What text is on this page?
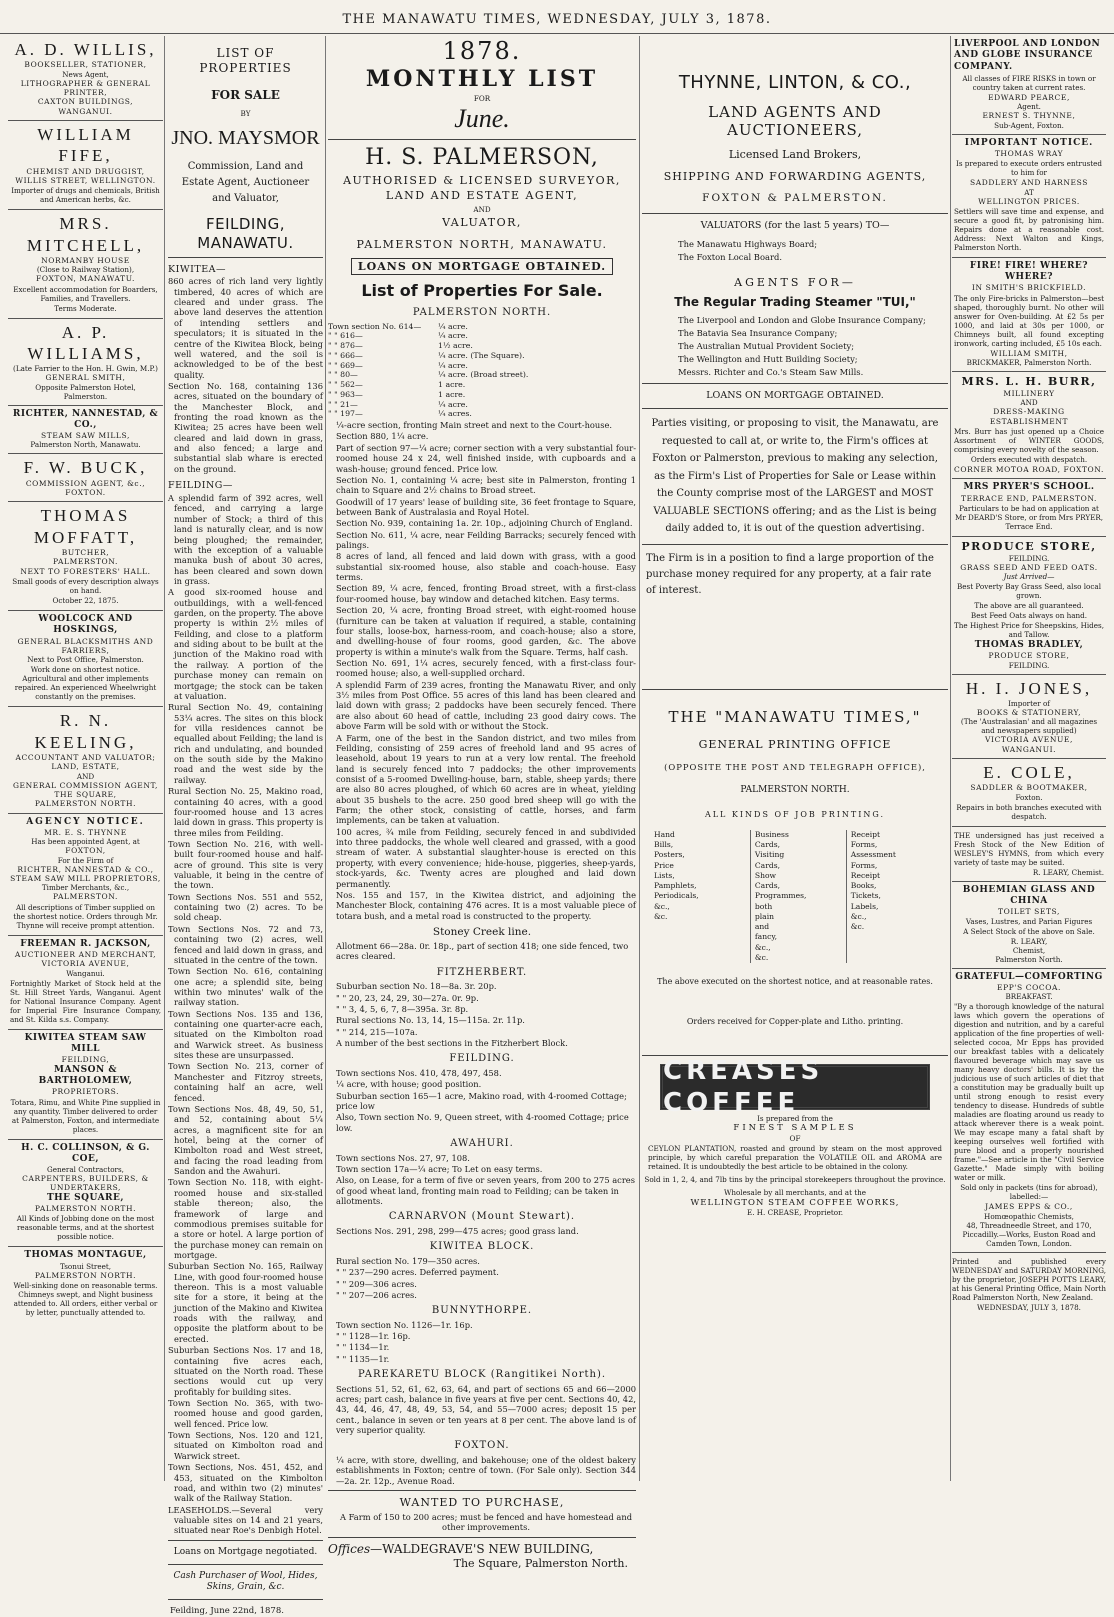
THE MANAWATU TIMES, WEDNESDAY, JULY 3, 1878.
A. D. WILLIS,
BOOKSELLER, STATIONER,
News Agent,
LITHOGRAPHER & GENERAL PRINTER,
CAXTON BUILDINGS,
WANGANUI.
WILLIAM FIFE,
CHEMIST AND DRUGGIST,
WILLIS STREET, WELLINGTON.

Importer of drugs and chemicals, British and American herbs, &c.

MRS. MITCHELL,
NORMANBY HOUSE
(Close to Railway Station),
FOXTON, MANAWATU.

Excellent accommodation for Boarders, Families, and Travellers.

Terms Moderate.

A. P. WILLIAMS,
(Late Farrier to the Hon. H. Gwin, M.P.)
GENERAL SMITH,
Opposite Palmerston Hotel,
Palmerston.
RICHTER, NANNESTAD, & CO.,
STEAM SAW MILLS,
Palmerston North, Manawatu.
F. W. BUCK,
COMMISSION AGENT, &c.,
FOXTON.
THOMAS MOFFATT,
BUTCHER,
PALMERSTON.
NEXT TO FORESTERS' HALL.

Small goods of every description always on hand.

October 22, 1875.

WOOLCOCK AND HOSKINGS,
GENERAL BLACKSMITHS AND FARRIERS,
Next to Post Office, Palmerston.

Work done on shortest notice. Agricultural and other implements repaired. An experienced Wheelwright constantly on the premises.

R. N. KEELING,
ACCOUNTANT AND VALUATOR;
LAND, ESTATE,
AND
GENERAL COMMISSION AGENT,
THE SQUARE,
PALMERSTON NORTH.
AGENCY NOTICE.
MR. E. S. THYNNE
Has been appointed Agent, at
FOXTON,
For the Firm of
RICHTER, NANNESTAD & CO.,
STEAM SAW MILL PROPRIETORS,
Timber Merchants, &c.,
PALMERSTON.

All descriptions of Timber supplied on the shortest notice. Orders through Mr. Thynne will receive prompt attention.

FREEMAN R. JACKSON,
AUCTIONEER AND MERCHANT,
VICTORIA AVENUE,
Wanganui.

Fortnightly Market of Stock held at the St. Hill Street Yards, Wanganui. Agent for National Insurance Company. Agent for Imperial Fire Insurance Company, and St. Kilda s.s. Company.

KIWITEA STEAM SAW MILL
FEILDING,
MANSON & BARTHOLOMEW,
PROPRIETORS.

Totara, Rimu, and White Pine supplied in any quantity. Timber delivered to order at Palmerston, Foxton, and intermediate places.

H. C. COLLINSON, & G. COE,
General Contractors,
CARPENTERS, BUILDERS, & UNDERTAKERS,
THE SQUARE,
PALMERSTON NORTH.

All Kinds of Jobbing done on the most reasonable terms, and at the shortest possible notice.

THOMAS MONTAGUE,
Tsonui Street,
PALMERSTON NORTH.

Well-sinking done on reasonable terms. Chimneys swept, and Night business attended to. All orders, either verbal or by letter, punctually attended to.

LIST OF PROPERTIES
FOR SALE
BY
JNO. MAYSMOR
Commission, Land and Estate Agent, Auctioneer and Valuator,
FEILDING, MANAWATU.
KIWITEA—

860 acres of rich land very lightly timbered, 40 acres of which are cleared and under grass. The above land deserves the attention of intending settlers and speculators; it is situated in the centre of the Kiwitea Block, being well watered, and the soil is acknowledged to be of the best quality.

Section No. 168, containing 136 acres, situated on the boundary of the Manchester Block, and fronting the road known as the Kiwitea; 25 acres have been well cleared and laid down in grass, and also fenced; a large and substantial slab whare is erected on the ground.

FEILDING—

A splendid farm of 392 acres, well fenced, and carrying a large number of Stock; a third of this land is naturally clear, and is now being ploughed; the remainder, with the exception of a valuable manuka bush of about 30 acres, has been cleared and sown down in grass.

A good six-roomed house and outbuildings, with a well-fenced garden, on the property. The above property is within 2½ miles of Feilding, and close to a platform and siding about to be built at the junction of the Makino road with the railway. A portion of the purchase money can remain on mortgage; the stock can be taken at valuation.

Rural Section No. 49, containing 53¼ acres. The sites on this block for villa residences cannot be equalled about Feilding; the land is rich and undulating, and bounded on the south side by the Makino road and the west side by the railway.

Rural Section No. 25, Makino road, containing 40 acres, with a good four-roomed house and 13 acres laid down in grass. This property is three miles from Feilding.

Town Section No. 216, with well-built four-roomed house and half-acre of ground. This site is very valuable, it being in the centre of the town.

Town Sections Nos. 551 and 552, containing two (2) acres. To be sold cheap.

Town Sections Nos. 72 and 73, containing two (2) acres, well fenced and laid down in grass, and situated in the centre of the town.

Town Section No. 616, containing one acre; a splendid site, being within two minutes' walk of the railway station.

Town Sections Nos. 135 and 136, containing one quarter-acre each, situated on the Kimbolton road and Warwick street. As business sites these are unsurpassed.

Town Section No. 213, corner of Manchester and Fitzroy streets, containing half an acre, well fenced.

Town Sections Nos. 48, 49, 50, 51, and 52, containing about 5¼ acres, a magnificent site for an hotel, being at the corner of Kimbolton road and West street, and facing the road leading from Sandon and the Awahuri.

Town Section No. 118, with eight-roomed house and six-stalled stable thereon; also, the framework of large and commodious premises suitable for a store or hotel. A large portion of the purchase money can remain on mortgage.

Suburban Section No. 165, Railway Line, with good four-roomed house thereon. This is a most valuable site for a store, it being at the junction of the Makino and Kiwitea roads with the railway, and opposite the platform about to be erected.

Suburban Sections Nos. 17 and 18, containing five acres each, situated on the North road. These sections would cut up very profitably for building sites.

Town Section No. 365, with two-roomed house and good garden, well fenced. Price low.

Town Sections, Nos. 120 and 121, situated on Kimbolton road and Warwick street.

Town Sections, Nos. 451, 452, and 453, situated on the Kimbolton road, and within two (2) minutes' walk of the Railway Station.

LEASEHOLDS.—Several very valuable sites on 14 and 21 years, situated near Roe's Denbigh Hotel.

Loans on Mortgage negotiated.

Cash Purchaser of Wool, Hides, Skins, Grain, &c.

Feilding, June 22nd, 1878.

1878.
MONTHLY LIST
FOR
June.
H. S. PALMERSON,
AUTHORISED & LICENSED SURVEYOR,
LAND AND ESTATE AGENT,
AND
VALUATOR,
PALMERSTON NORTH, MANAWATU.
LOANS ON MORTGAGE OBTAINED.
List of Properties For Sale.
PALMERSTON NORTH.
Town section No. 614—	¼ acre.
" " 616—	¼ acre.
" " 876—	1½ acre.
" " 666—	¼ acre. (The Square).
" " 669—	¼ acre.
" " 80—	¼ acre. (Broad street).
" " 562—	1 acre.
" " 963—	1 acre.
" " 21—	¼ acre.
" " 197—	¼ acres.

¼-acre section, fronting Main street and next to the Court-house.

Section 880, 1¼ acre.

Part of section 97—¼ acre; corner section with a very substantial four-roomed house 24 x 24, well finished inside, with cupboards and a wash-house; ground fenced. Price low.

Section No. 1, containing ¼ acre; best site in Palmerston, fronting 1 chain to Square and 2½ chains to Broad street.

Goodwill of 17 years' lease of building site, 36 feet frontage to Square, between Bank of Australasia and Royal Hotel.

Section No. 939, containing 1a. 2r. 10p., adjoining Church of England.

Section No. 611, ¼ acre, near Feilding Barracks; securely fenced with palings.

8 acres of land, all fenced and laid down with grass, with a good substantial six-roomed house, also stable and coach-house. Easy terms.

Section 89, ¼ acre, fenced, fronting Broad street, with a first-class four-roomed house, bay window and detached kitchen. Easy terms.

Section 20, ¼ acre, fronting Broad street, with eight-roomed house (furniture can be taken at valuation if required, a stable, containing four stalls, loose-box, harness-room, and coach-house; also a store, and dwelling-house of four rooms, good garden, &c. The above property is within a minute's walk from the Square. Terms, half cash.

Section No. 691, 1¼ acres, securely fenced, with a first-class four-roomed house; also, a well-supplied orchard.

A splendid Farm of 239 acres, fronting the Manawatu River, and only 3½ miles from Post Office. 55 acres of this land has been cleared and laid down with grass; 2 paddocks have been securely fenced. There are also about 60 head of cattle, including 23 good dairy cows. The above Farm will be sold with or without the Stock.

A Farm, one of the best in the Sandon district, and two miles from Feilding, consisting of 259 acres of freehold land and 95 acres of leasehold, about 19 years to run at a very low rental. The freehold land is securely fenced into 7 paddocks; the other improvements consist of a 5-roomed Dwelling-house, barn, stable, sheep yards; there are also 80 acres ploughed, of which 60 acres are in wheat, yielding about 35 bushels to the acre. 250 good bred sheep will go with the Farm; the other stock, consisting of cattle, horses, and farm implements, can be taken at valuation.

100 acres, ¾ mile from Feilding, securely fenced in and subdivided into three paddocks, the whole well cleared and grassed, with a good stream of water. A substantial slaughter-house is erected on this property, with every convenience; hide-house, piggeries, sheep-yards, stock-yards, &c. Twenty acres are ploughed and laid down permanently.

Nos. 155 and 157, in the Kiwitea district, and adjoining the Manchester Block, containing 476 acres. It is a most valuable piece of totara bush, and a metal road is constructed to the property.

Stoney Creek line.

Allotment 66—28a. 0r. 18p., part of section 418; one side fenced, two acres cleared.

FITZHERBERT.

Suburban section No. 18—8a. 3r. 20p.

" " 20, 23, 24, 29, 30—27a. 0r. 9p.

" " 3, 4, 5, 6, 7, 8—395a. 3r. 8p.

Rural sections No. 13, 14, 15—115a. 2r. 11p.

" " 214, 215—107a.

A number of the best sections in the Fitzherbert Block.

FEILDING.

Town sections Nos. 410, 478, 497, 458.

¼ acre, with house; good position.

Suburban section 165—1 acre, Makino road, with 4-roomed Cottage; price low

Also, Town section No. 9, Queen street, with 4-roomed Cottage; price low.

AWAHURI.

Town sections Nos. 27, 97, 108.

Town section 17a—¼ acre; To Let on easy terms.

Also, on Lease, for a term of five or seven years, from 200 to 275 acres of good wheat land, fronting main road to Feilding; can be taken in allotments.

CARNARVON (Mount Stewart).

Sections Nos. 291, 298, 299—475 acres; good grass land.

KIWITEA BLOCK.

Rural section No. 179—350 acres.

" " 237—290 acres. Deferred payment.

" " 209—306 acres.

" " 207—206 acres.

BUNNYTHORPE.

Town section No. 1126—1r. 16p.

" " 1128—1r. 16p.

" " 1134—1r.

" " 1135—1r.

PAREKARETU BLOCK (Rangitikei North).

Sections 51, 52, 61, 62, 63, 64, and part of sections 65 and 66—2000 acres; part cash, balance in five years at five per cent. Sections 40, 42, 43, 44, 46, 47, 48, 49, 53, 54, and 55—7000 acres; deposit 15 per cent., balance in seven or ten years at 8 per cent. The above land is of very superior quality.

FOXTON.

¼ acre, with store, dwelling, and bakehouse; one of the oldest bakery establishments in Foxton; centre of town. (For Sale only). Section 344—2a. 2r. 12p., Avenue Road.

WANTED TO PURCHASE,

A Farm of 150 to 200 acres; must be fenced and have homestead and other improvements.

Offices—WALDEGRAVE'S NEW BUILDING,
The Square, Palmerston North.
THYNNE, LINTON, & CO.,
LAND AGENTS AND AUCTIONEERS,
Licensed Land Brokers,
SHIPPING AND FORWARDING AGENTS,
FOXTON & PALMERSTON.
VALUATORS (for the last 5 years) TO—
The Manawatu Highways Board;
The Foxton Local Board.
AGENTS FOR—
The Regular Trading Steamer "TUI,"
The Liverpool and London and Globe Insurance Company;
The Batavia Sea Insurance Company;
The Australian Mutual Provident Society;
The Wellington and Hutt Building Society;
Messrs. Richter and Co.'s Steam Saw Mills.
LOANS ON MORTGAGE OBTAINED.

Parties visiting, or proposing to visit, the Manawatu, are requested to call at, or write to, the Firm's offices at Foxton or Palmerston, previous to making any selection, as the Firm's List of Properties for Sale or Lease within the County comprise most of the LARGEST and MOST VALUABLE SECTIONS offering; and as the List is being daily added to, it is out of the question advertising.

The Firm is in a position to find a large proportion of the purchase money required for any property, at a fair rate of interest.

THE "MANAWATU TIMES,"
GENERAL PRINTING OFFICE
(OPPOSITE THE POST AND TELEGRAPH OFFICE),
PALMERSTON NORTH.
ALL KINDS OF JOB PRINTING.
Hand Bills,
Posters,
Price Lists,
Pamphlets,
Periodicals,
&c., &c.
Business Cards,
Visiting Cards,
Show Cards,
Programmes, both plain
and fancy,
&c., &c.
Receipt Forms,
Assessment Forms,
Receipt Books,
Tickets,
Labels,
&c., &c.
The above executed on the shortest notice, and at reasonable rates.
Orders received for Copper-plate and Litho. printing.
CREASES COFFEE
Is prepared from the
FINEST SAMPLES
OF

CEYLON PLANTATION, roasted and ground by steam on the most approved principle, by which careful preparation the VOLATILE OIL and AROMA are retained. It is undoubtedly the best article to be obtained in the colony.

Sold in 1, 2, 4, and 7lb tins by the principal storekeepers throughout the province.

Wholesale by all merchants, and at the

WELLINGTON STEAM COFFEE WORKS,
E. H. CREASE, Proprietor.
LIVERPOOL AND LONDON AND GLOBE INSURANCE COMPANY.

All classes of FIRE RISKS in town or country taken at current rates.

EDWARD PEARCE,
Agent.
ERNEST S. THYNNE,
Sub-Agent, Foxton.
IMPORTANT NOTICE.
THOMAS WRAY

Is prepared to execute orders entrusted to him for

SADDLERY AND HARNESS
AT
WELLINGTON PRICES.

Settlers will save time and expense, and secure a good fit, by patronising him. Repairs done at a reasonable cost. Address: Next Walton and Kings, Palmerston North.

FIRE! FIRE! WHERE? WHERE?
IN SMITH'S BRICKFIELD.

The only Fire-bricks in Palmerston—best shaped, thoroughly burnt. No other will answer for Oven-building. At £2 5s per 1000, and laid at 30s per 1000, or Chimneys built, all found excepting ironwork, carting included, £5 10s each.

WILLIAM SMITH,
BRICKMAKER, Palmerston North.
MRS. L. H. BURR,
MILLINERY
AND
DRESS-MAKING ESTABLISHMENT

Mrs. Burr has just opened up a Choice Assortment of WINTER GOODS, comprising every novelty of the season.

Orders executed with despatch.

CORNER MOTOA ROAD, FOXTON.
MRS PRYER'S SCHOOL.
TERRACE END, PALMERSTON.

Particulars to be had on application at Mr DEARD'S Store, or from Mrs PRYER, Terrace End.

PRODUCE STORE,
FEILDING.
GRASS SEED AND FEED OATS.
Just Arrived—

Best Poverty Bay Grass Seed, also local grown.

The above are all guaranteed.

Best Feed Oats always on hand.

The Highest Price for Sheepskins, Hides, and Tallow.

THOMAS BRADLEY,
PRODUCE STORE,
FEILDING.
H. I. JONES,
Importer of
BOOKS & STATIONERY,
(The 'Australasian' and all magazines and newspapers supplied)
VICTORIA AVENUE,
WANGANUI.
E. COLE,
SADDLER & BOOTMAKER,
Foxton.

Repairs in both branches executed with despatch.

THE undersigned has just received a Fresh Stock of the New Edition of WESLEY'S HYMNS, from which every variety of taste may be suited.

R. LEARY, Chemist.
BOHEMIAN GLASS AND CHINA
TOILET SETS,
Vases, Lustres, and Parian Figures

A Select Stock of the above on Sale.

R. LEARY,
Chemist,
Palmerston North.
GRATEFUL—COMFORTING
EPP'S COCOA.
BREAKFAST.

"By a thorough knowledge of the natural laws which govern the operations of digestion and nutrition, and by a careful application of the fine properties of well-selected cocoa, Mr Epps has provided our breakfast tables with a delicately flavoured beverage which may save us many heavy doctors' bills. It is by the judicious use of such articles of diet that a constitution may be gradually built up until strong enough to resist every tendency to disease. Hundreds of subtle maladies are floating around us ready to attack wherever there is a weak point. We may escape many a fatal shaft by keeping ourselves well fortified with pure blood and a properly nourished frame."—See article in the "Civil Service Gazette." Made simply with boiling water or milk.

Sold only in packets (tins for abroad), labelled:—

JAMES EPPS & CO.,
Homœopathic Chemists,
48, Threadneedle Street, and 170, Piccadilly.—Works, Euston Road and Camden Town, London.

Printed and published every WEDNESDAY and SATURDAY MORNING, by the proprietor, JOSEPH POTTS LEARY, at his General Printing Office, Main North Road Palmerston North, New Zealand.

WEDNESDAY, JULY 3, 1878.
